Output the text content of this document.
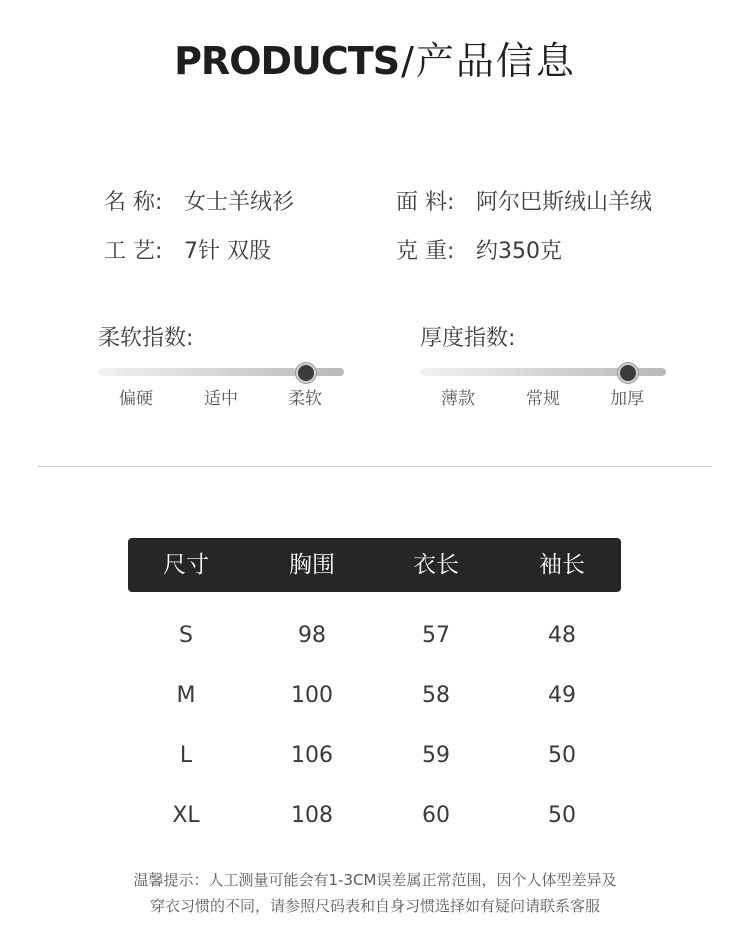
PRODUCTS/产品信息
名 称: 女士羊绒衫	面 料: 阿尔巴斯绒山羊绒
工 艺: 7针 双股	克 重: 约350克
柔软指数:
偏硬	适中	柔软
厚度指数:
薄款	常规	加厚
尺寸	胸围	衣长	袖长
S	98	57	48
M	100	58	49
L	106	59	50
XL	108	60	50
温馨提示：人工测量可能会有1-3CM误差属正常范围，因个人体型差异及
穿衣习惯的不同，请参照尺码表和自身习惯选择如有疑问请联系客服
